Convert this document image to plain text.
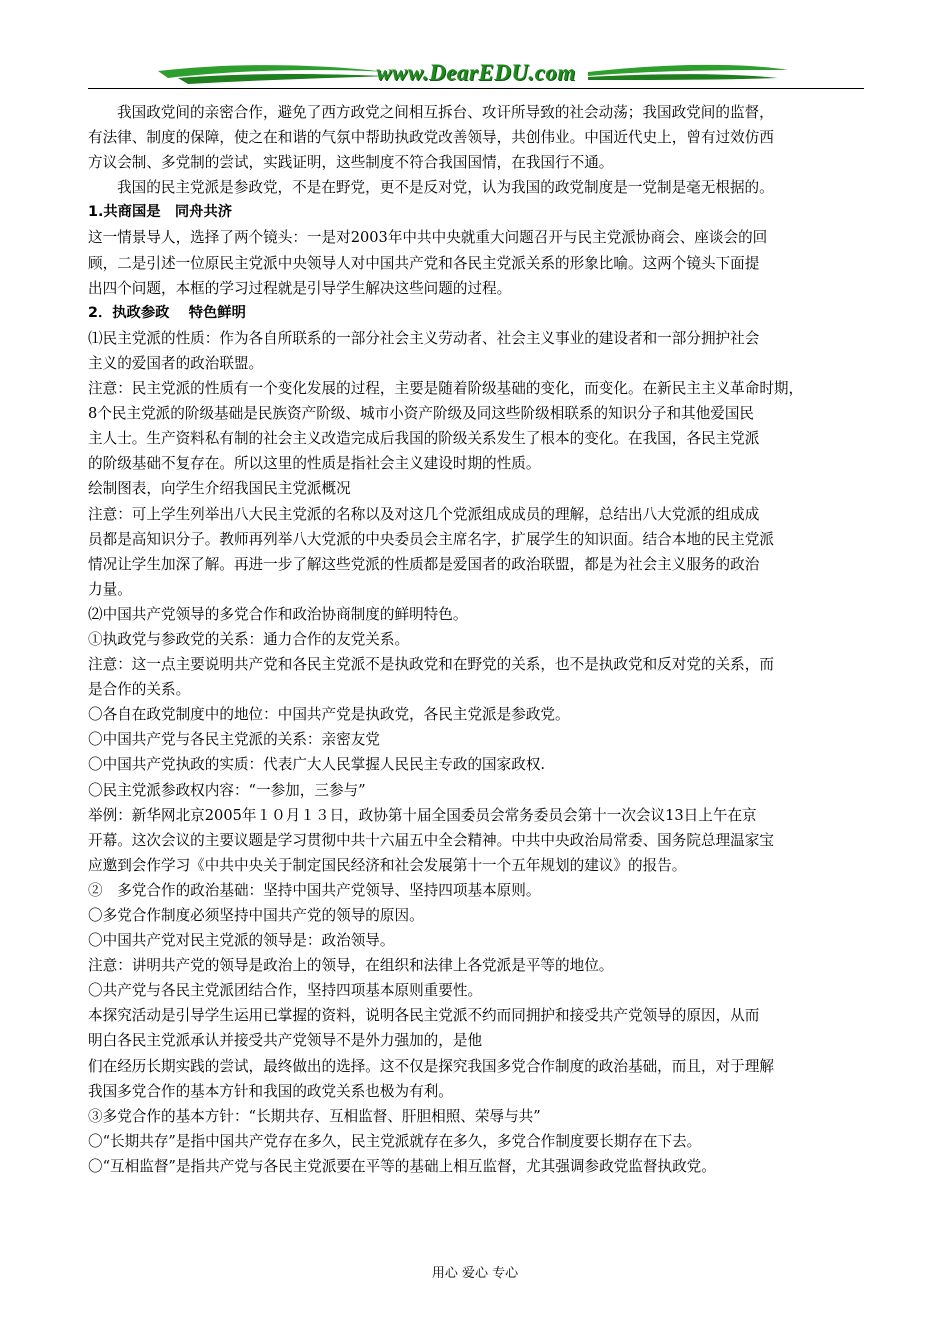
www.DearEDU.com

我国政党间的亲密合作，避免了西方政党之间相互拆台、攻讦所导致的社会动荡；我国政党间的监督，

有法律、制度的保障，使之在和谐的气氛中帮助执政党改善领导，共创伟业。中国近代史上，曾有过效仿西

方议会制、多党制的尝试，实践证明，这些制度不符合我国国情，在我国行不通。

我国的民主党派是参政党，不是在野党，更不是反对党，认为我国的政党制度是一党制是毫无根据的。

1.共商国是　同舟共济

这一情景导人，选择了两个镜头：一是对2003年中共中央就重大问题召开与民主党派协商会、座谈会的回

顾，二是引述一位原民主党派中央领导人对中国共产党和各民主党派关系的形象比喻。这两个镜头下面提

出四个问题，本框的学习过程就是引导学生解决这些问题的过程。

2．执政参政　 特色鲜明

⑴民主党派的性质：作为各自所联系的一部分社会主义劳动者、社会主义事业的建设者和一部分拥护社会

主义的爱国者的政治联盟。

注意：民主党派的性质有一个变化发展的过程，主要是随着阶级基础的变化，而变化。在新民主主义革命时期，

8个民主党派的阶级基础是民族资产阶级、城市小资产阶级及同这些阶级相联系的知识分子和其他爱国民

主人士。生产资料私有制的社会主义改造完成后我国的阶级关系发生了根本的变化。在我国，各民主党派

的阶级基础不复存在。所以这里的性质是指社会主义建设时期的性质。

绘制图表，向学生介绍我国民主党派概况

注意：可上学生列举出八大民主党派的名称以及对这几个党派组成成员的理解，总结出八大党派的组成成

员都是高知识分子。教师再列举八大党派的中央委员会主席名字，扩展学生的知识面。结合本地的民主党派

情况让学生加深了解。再进一步了解这些党派的性质都是爱国者的政治联盟，都是为社会主义服务的政治

力量。

⑵中国共产党领导的多党合作和政治协商制度的鲜明特色。

①执政党与参政党的关系：通力合作的友党关系。

注意：这一点主要说明共产党和各民主党派不是执政党和在野党的关系，也不是执政党和反对党的关系，而

是合作的关系。

〇各自在政党制度中的地位：中国共产党是执政党，各民主党派是参政党。

〇中国共产党与各民主党派的关系：亲密友党

〇中国共产党执政的实质：代表广大人民掌握人民民主专政的国家政权.

〇民主党派参政权内容：“一参加，三参与”

举例：新华网北京2005年１０月１３日，政协第十届全国委员会常务委员会第十一次会议13日上午在京

开幕。这次会议的主要议题是学习贯彻中共十六届五中全会精神。中共中央政治局常委、国务院总理温家宝

应邀到会作学习《中共中央关于制定国民经济和社会发展第十一个五年规划的建议》的报告。

②　多党合作的政治基础：坚持中国共产党领导、坚持四项基本原则。

〇多党合作制度必须坚持中国共产党的领导的原因。

〇中国共产党对民主党派的领导是：政治领导。

注意：讲明共产党的领导是政治上的领导，在组织和法律上各党派是平等的地位。

〇共产党与各民主党派团结合作，坚持四项基本原则重要性。

本探究活动是引导学生运用已掌握的资料，说明各民主党派不约而同拥护和接受共产党领导的原因，从而

明白各民主党派承认并接受共产党领导不是外力强加的，是他

们在经历长期实践的尝试，最终做出的选择。这不仅是探究我国多党合作制度的政治基础，而且，对于理解

我国多党合作的基本方针和我国的政党关系也极为有利。

③多党合作的基本方针：“长期共存、互相监督、肝胆相照、荣辱与共”

〇“长期共存”是指中国共产党存在多久，民主党派就存在多久，多党合作制度要长期存在下去。

〇“互相监督”是指共产党与各民主党派要在平等的基础上相互监督，尤其强调参政党监督执政党。

用心 爱心 专心
